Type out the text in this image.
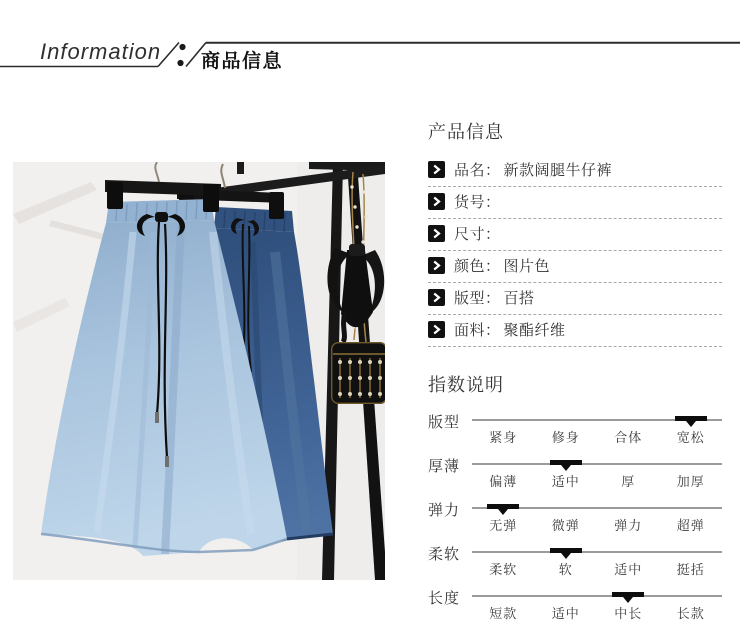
Information 商品信息
产品信息
品名： 新款阔腿牛仔裤
货号：
尺寸：
颜色： 图片色
版型： 百搭
面料： 聚酯纤维
指数说明
版型
紧身	修身	合体	宽松
厚薄
偏薄	适中	厚	加厚
弹力
无弹	微弹	弹力	超弹
柔软
柔软	软	适中	挺括
长度
短款	适中	中长	长款
